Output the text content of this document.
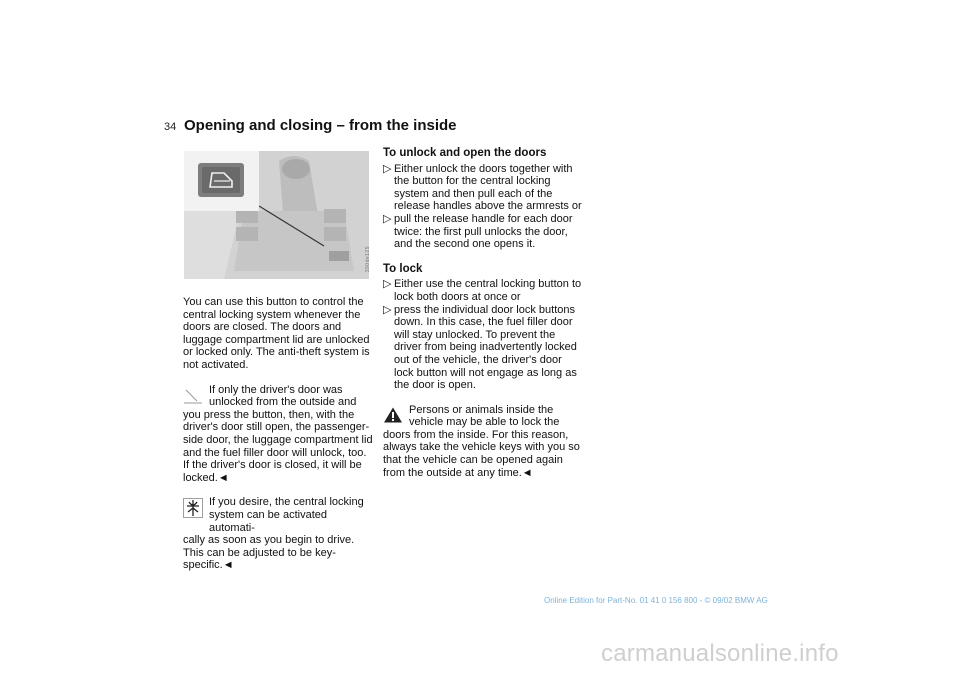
34 Opening and closing – from the inside
390de125

You can use this button to control the central locking system whenever the doors are closed. The doors and luggage compartment lid are unlocked or locked only. The anti-theft system is not activated.

If only the driver's door was
unlocked from the outside and
you press the button, then, with the driver's door still open, the passenger-side door, the luggage compartment lid and the fuel filler door will unlock, too. If the driver's door is closed, it will be locked.◄
If you desire, the central locking
system can be activated automati-
cally as soon as you begin to drive. This can be adjusted to be key-specific.◄
To unlock and open the doors
▷ Either unlock the doors together with the button for the central locking system and then pull each of the release handles above the armrests or
▷ pull the release handle for each door twice: the first pull unlocks the door, and the second one opens it.
To lock
▷ Either use the central locking button to lock both doors at once or
▷ press the individual door lock buttons down. In this case, the fuel filler door will stay unlocked. To prevent the driver from being inadvertently locked out of the vehicle, the driver's door lock button will not engage as long as the door is open.
Persons or animals inside the
vehicle may be able to lock the
doors from the inside. For this reason, always take the vehicle keys with you so that the vehicle can be opened again from the outside at any time.◄
Online Edition for Part-No. 01 41 0 156 800 - © 09/02 BMW AG
carmanualsonline.info
